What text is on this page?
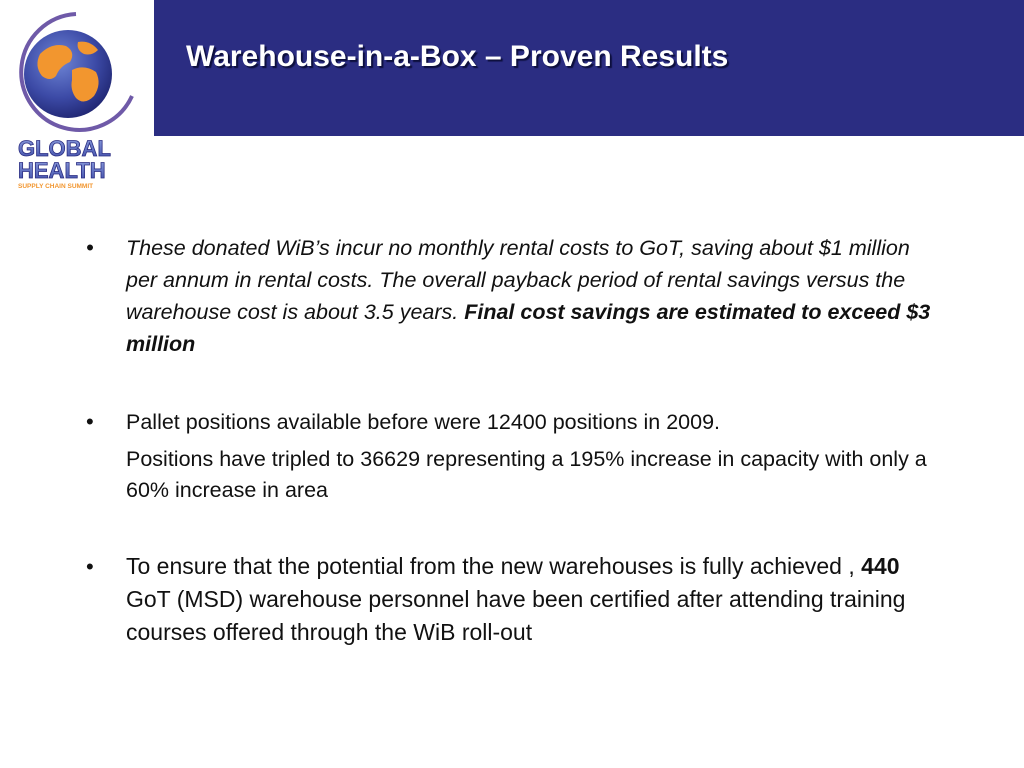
Warehouse-in-a-Box – Proven Results
GLOBAL
HEALTH
SUPPLY CHAIN SUMMIT
• These donated WiB’s incur no monthly rental costs to GoT, saving about $1 million per annum in rental costs. The overall payback period of rental savings versus the warehouse cost is about 3.5 years. Final cost savings are estimated to exceed $3 million
• Pallet positions available before were 12400 positions in 2009.
Positions have tripled to 36629 representing a 195% increase in capacity with only a 60% increase in area
• To ensure that the potential from the new warehouses is fully achieved , 440 GoT (MSD) warehouse personnel have been certified after attending training courses offered through the WiB roll-out
